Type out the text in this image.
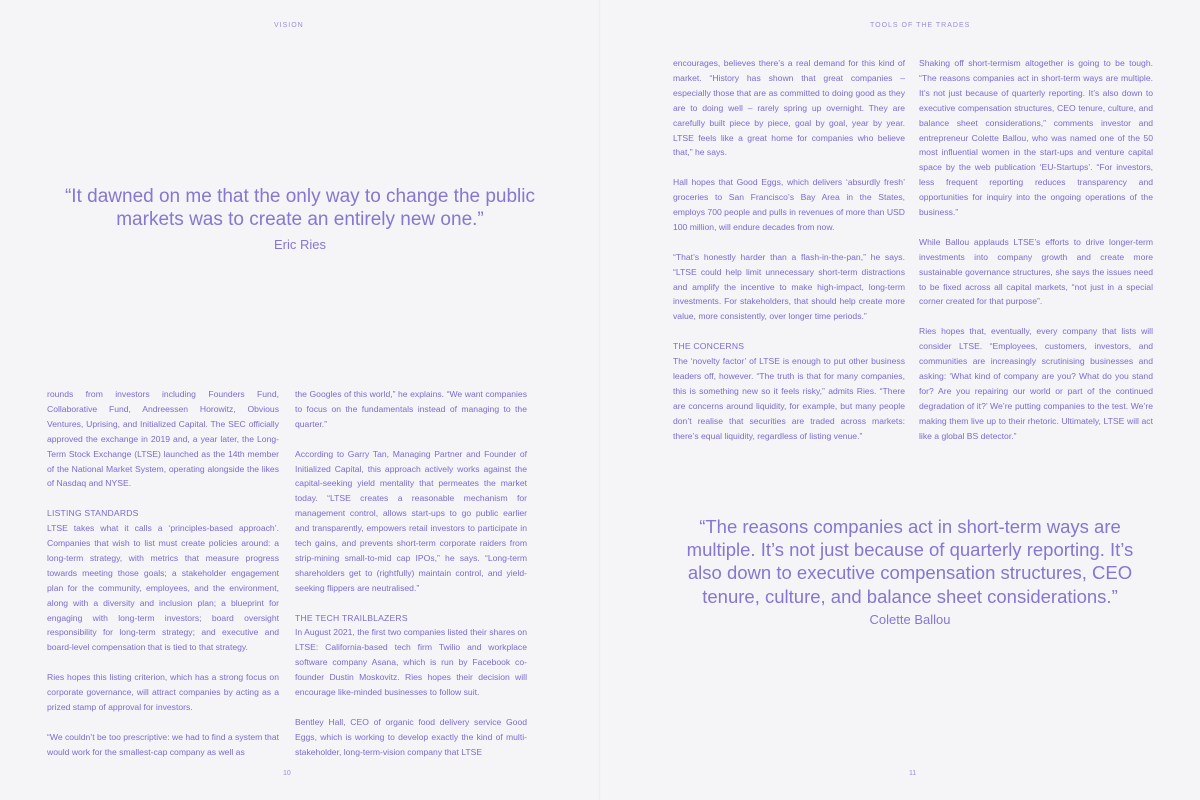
VISION
“It dawned on me that the only way to change the public markets was to create an entirely new one.”
Eric Ries

rounds from investors including Founders Fund, Collaborative Fund, Andreessen Horowitz, Obvious Ventures, Uprising, and Initialized Capital. The SEC officially approved the exchange in 2019 and, a year later, the Long-Term Stock Exchange (LTSE) launched as the 14th member of the National Market System, operating alongside the likes of Nasdaq and NYSE.

LISTING STANDARDS

LTSE takes what it calls a ‘principles-based approach’. Companies that wish to list must create policies around: a long-term strategy, with metrics that measure progress towards meeting those goals; a stakeholder engagement plan for the community, employees, and the environment, along with a diversity and inclusion plan; a blueprint for engaging with long-term investors; board oversight responsibility for long-term strategy; and executive and board-level compensation that is tied to that strategy.

Ries hopes this listing criterion, which has a strong focus on corporate governance, will attract companies by acting as a prized stamp of approval for investors.

“We couldn’t be too prescriptive: we had to find a system that would work for the smallest-cap company as well as

the Googles of this world,” he explains. “We want companies to focus on the fundamentals instead of managing to the quarter.”

According to Garry Tan, Managing Partner and Founder of Initialized Capital, this approach actively works against the capital-seeking yield mentality that permeates the market today. “LTSE creates a reasonable mechanism for management control, allows start-ups to go public earlier and transparently, empowers retail investors to participate in tech gains, and prevents short-term corporate raiders from strip-mining small-to-mid cap IPOs,” he says. “Long-term shareholders get to (rightfully) maintain control, and yield-seeking flippers are neutralised.”

THE TECH TRAILBLAZERS

In August 2021, the first two companies listed their shares on LTSE: California-based tech firm Twilio and workplace software company Asana, which is run by Facebook co-founder Dustin Moskovitz. Ries hopes their decision will encourage like-minded businesses to follow suit.

Bentley Hall, CEO of organic food delivery service Good Eggs, which is working to develop exactly the kind of multi-stakeholder, long-term-vision company that LTSE

10
TOOLS OF THE TRADES

encourages, believes there’s a real demand for this kind of market. “History has shown that great companies – especially those that are as committed to doing good as they are to doing well – rarely spring up overnight. They are carefully built piece by piece, goal by goal, year by year. LTSE feels like a great home for companies who believe that,” he says.

Hall hopes that Good Eggs, which delivers ‘absurdly fresh’ groceries to San Francisco’s Bay Area in the States, employs 700 people and pulls in revenues of more than USD 100 million, will endure decades from now.

“That’s honestly harder than a flash-in-the-pan,” he says. “LTSE could help limit unnecessary short-term distractions and amplify the incentive to make high-impact, long-term investments. For stakeholders, that should help create more value, more consistently, over longer time periods.”

THE CONCERNS

The ‘novelty factor’ of LTSE is enough to put other business leaders off, however. “The truth is that for many companies, this is something new so it feels risky,” admits Ries. “There are concerns around liquidity, for example, but many people don’t realise that securities are traded across markets: there’s equal liquidity, regardless of listing venue.”

Shaking off short-termism altogether is going to be tough. “The reasons companies act in short-term ways are multiple. It’s not just because of quarterly reporting. It’s also down to executive compensation structures, CEO tenure, culture, and balance sheet considerations,” comments investor and entrepreneur Colette Ballou, who was named one of the 50 most influential women in the start-ups and venture capital space by the web publication ‘EU-Startups’. “For investors, less frequent reporting reduces transparency and opportunities for inquiry into the ongoing operations of the business.”

While Ballou applauds LTSE’s efforts to drive longer-term investments into company growth and create more sustainable governance structures, she says the issues need to be fixed across all capital markets, “not just in a special corner created for that purpose”.

Ries hopes that, eventually, every company that lists will consider LTSE. “Employees, customers, investors, and communities are increasingly scrutinising businesses and asking: ‘What kind of company are you? What do you stand for? Are you repairing our world or part of the continued degradation of it?’ We’re putting companies to the test. We’re making them live up to their rhetoric. Ultimately, LTSE will act like a global BS detector.”

“The reasons companies act in short-term ways are multiple. It’s not just because of quarterly reporting. It’s also down to executive compensation structures, CEO tenure, culture, and balance sheet considerations.”
Colette Ballou
11
